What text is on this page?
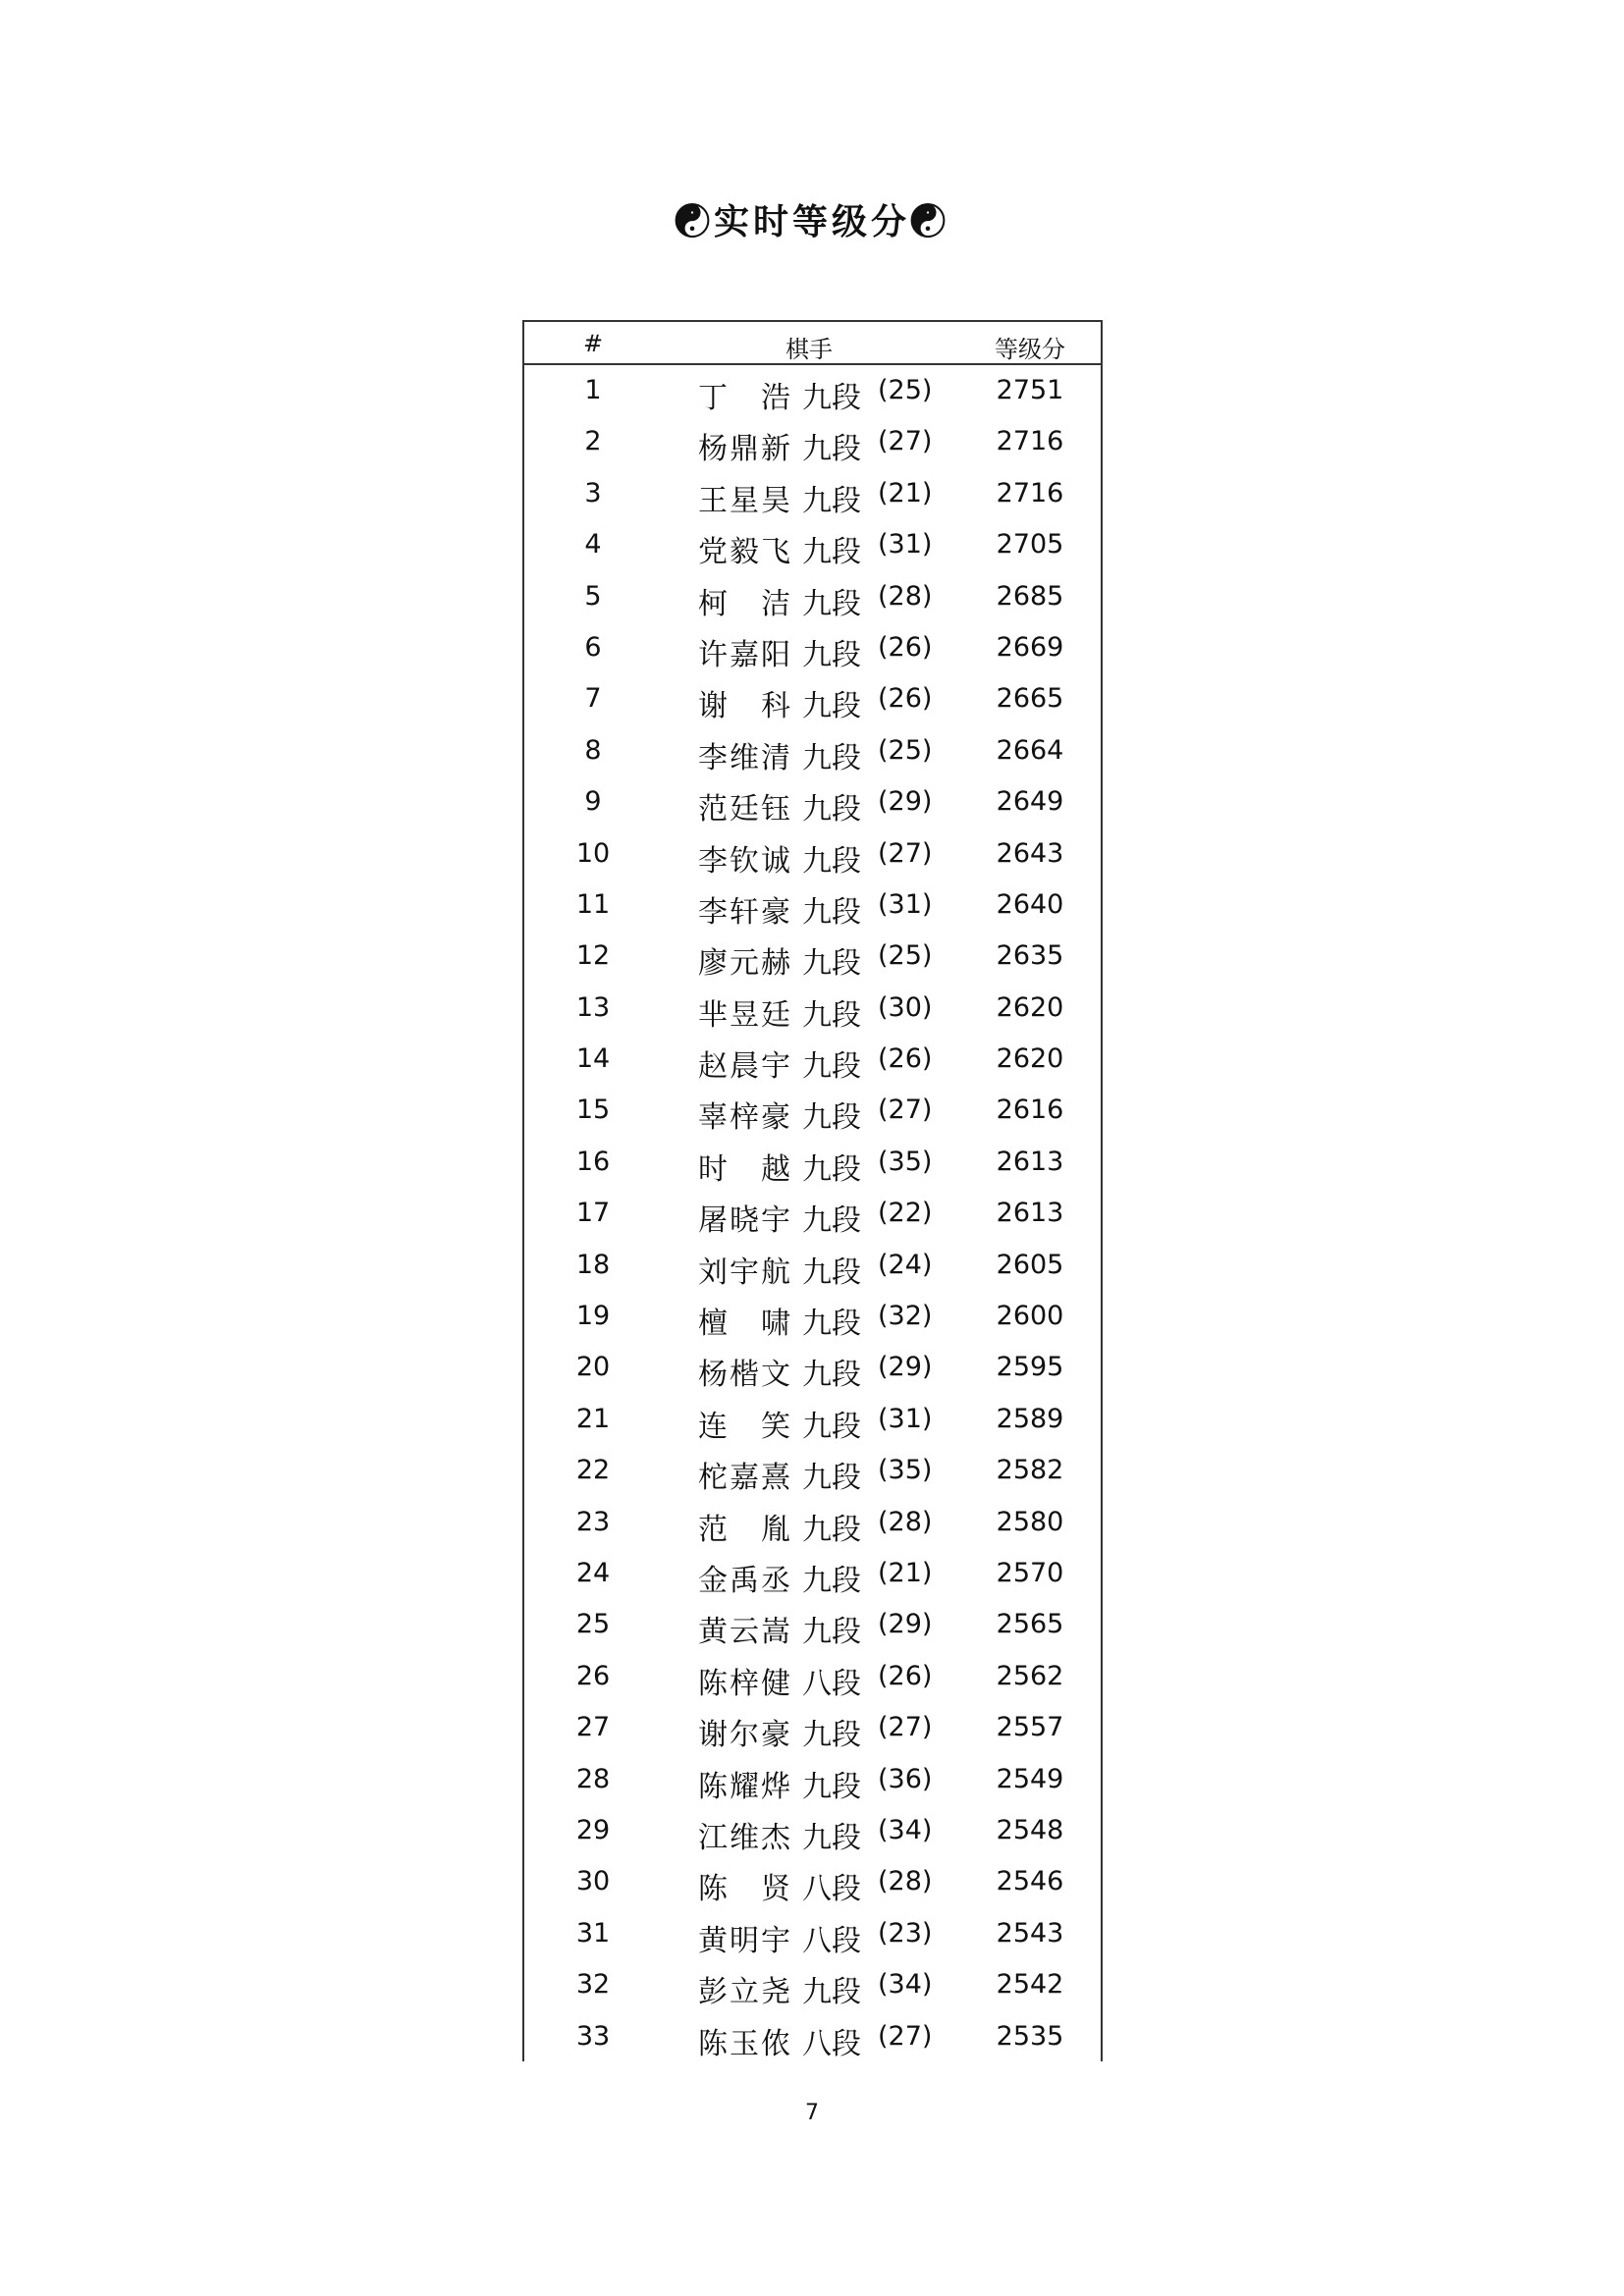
☯实时等级分☯
#	棋手	等级分
1	丁 浩 九段 (25)	2751
2	杨鼎新 九段 (27)	2716
3	王星昊 九段 (21)	2716
4	党毅飞 九段 (31)	2705
5	柯 洁 九段 (28)	2685
6	许嘉阳 九段 (26)	2669
7	谢 科 九段 (26)	2665
8	李维清 九段 (25)	2664
9	范廷钰 九段 (29)	2649
10	李钦诚 九段 (27)	2643
11	李轩豪 九段 (31)	2640
12	廖元赫 九段 (25)	2635
13	芈昱廷 九段 (30)	2620
14	赵晨宇 九段 (26)	2620
15	辜梓豪 九段 (27)	2616
16	时 越 九段 (35)	2613
17	屠晓宇 九段 (22)	2613
18	刘宇航 九段 (24)	2605
19	檀 啸 九段 (32)	2600
20	杨楷文 九段 (29)	2595
21	连 笑 九段 (31)	2589
22	柁嘉熹 九段 (35)	2582
23	范 胤 九段 (28)	2580
24	金禹丞 九段 (21)	2570
25	黄云嵩 九段 (29)	2565
26	陈梓健 八段 (26)	2562
27	谢尔豪 九段 (27)	2557
28	陈耀烨 九段 (36)	2549
29	江维杰 九段 (34)	2548
30	陈 贤 八段 (28)	2546
31	黄明宇 八段 (23)	2543
32	彭立尧 九段 (34)	2542
33	陈玉侬 八段 (27)	2535
7
